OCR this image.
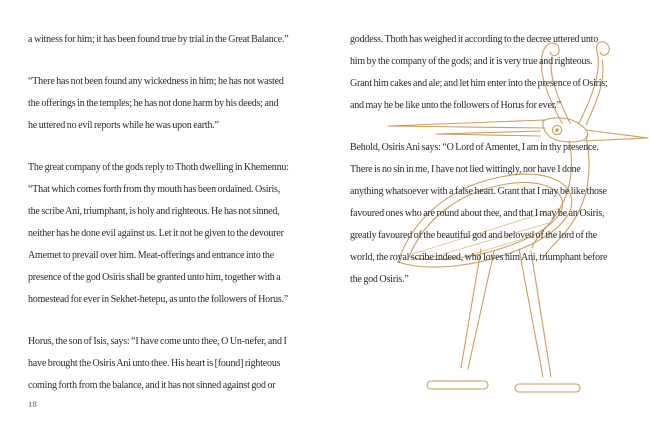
a witness for him; it has been found true by trial in the Great Balance.”
“There has not been found any wickedness in him; he has not wasted
the offerings in the temples; he has not done harm by his deeds; and
he uttered no evil reports while he was upon earth.”
The great company of the gods reply to Thoth dwelling in Khemennu:
“That which comes forth from thy mouth has been ordained. Osiris,
the scribe Ani, triumphant, is holy and righteous. He has not sinned,
neither has he done evil against us. Let it not be given to the devourer
Amemet to prevail over him. Meat-offerings and entrance into the
presence of the god Osiris shall be granted unto him, together with a
homestead for ever in Sekhet-hetepu, as unto the followers of Horus.”
Horus, the son of Isis, says: “I have come unto thee, O Un-nefer, and I
have brought the Osiris Ani unto thee. His heart is [found] righteous
coming forth from the balance, and it has not sinned against god or
goddess. Thoth has weighed it according to the decree uttered unto
him by the company of the gods; and it is very true and righteous.
Grant him cakes and ale; and let him enter into the presence of Osiris;
and may he be like unto the followers of Horus for ever.”
Behold, Osiris Ani says: “O Lord of Amentet, I am in thy presence.
There is no sin in me, I have not lied wittingly, nor have I done
anything whatsoever with a false heart. Grant that I may be like those
favoured ones who are round about thee, and that I may be an Osiris,
greatly favoured of the beautiful god and beloved of the lord of the
world, the royal scribe indeed, who loves him Ani, triumphant before
the god Osiris.”
18
